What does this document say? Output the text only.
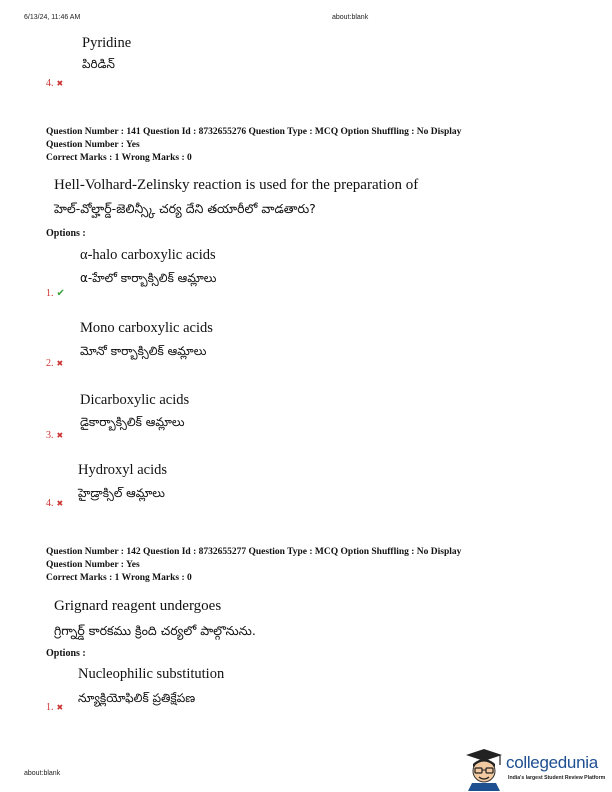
6/13/24, 11:46 AM	about:blank
Pyridine
పిరిడిన్
4. ✖
Question Number : 141 Question Id : 8732655276 Question Type : MCQ Option Shuffling : No Display
Question Number : Yes
Correct Marks : 1 Wrong Marks : 0
Hell-Volhard-Zelinsky reaction is used for the preparation of
హెల్-వోల్హార్డ్-జెలిన్స్కీ చర్య దేని తయారీలో వాడతారు?
Options :
α-halo carboxylic acids
α-హేలో కార్బాక్సిలిక్ ఆమ్లాలు
1. ✔
Mono carboxylic acids
మోనో కార్బాక్సిలిక్ ఆమ్లాలు
2. ✖
Dicarboxylic acids
డైకార్బాక్సిలిక్ ఆమ్లాలు
3. ✖
Hydroxyl acids
హైడ్రాక్సిల్ ఆమ్లాలు
4. ✖
Question Number : 142 Question Id : 8732655277 Question Type : MCQ Option Shuffling : No Display
Question Number : Yes
Correct Marks : 1 Wrong Marks : 0
Grignard reagent undergoes
గ్రిగ్నార్డ్ కారకము క్రింది చర్యలో పాల్గొనును.
Options :
Nucleophilic substitution
న్యూక్లియోఫిలిక్ ప్రతిక్షేపణ
1. ✖
about:blank
collegedunia
India's largest Student Review Platform
